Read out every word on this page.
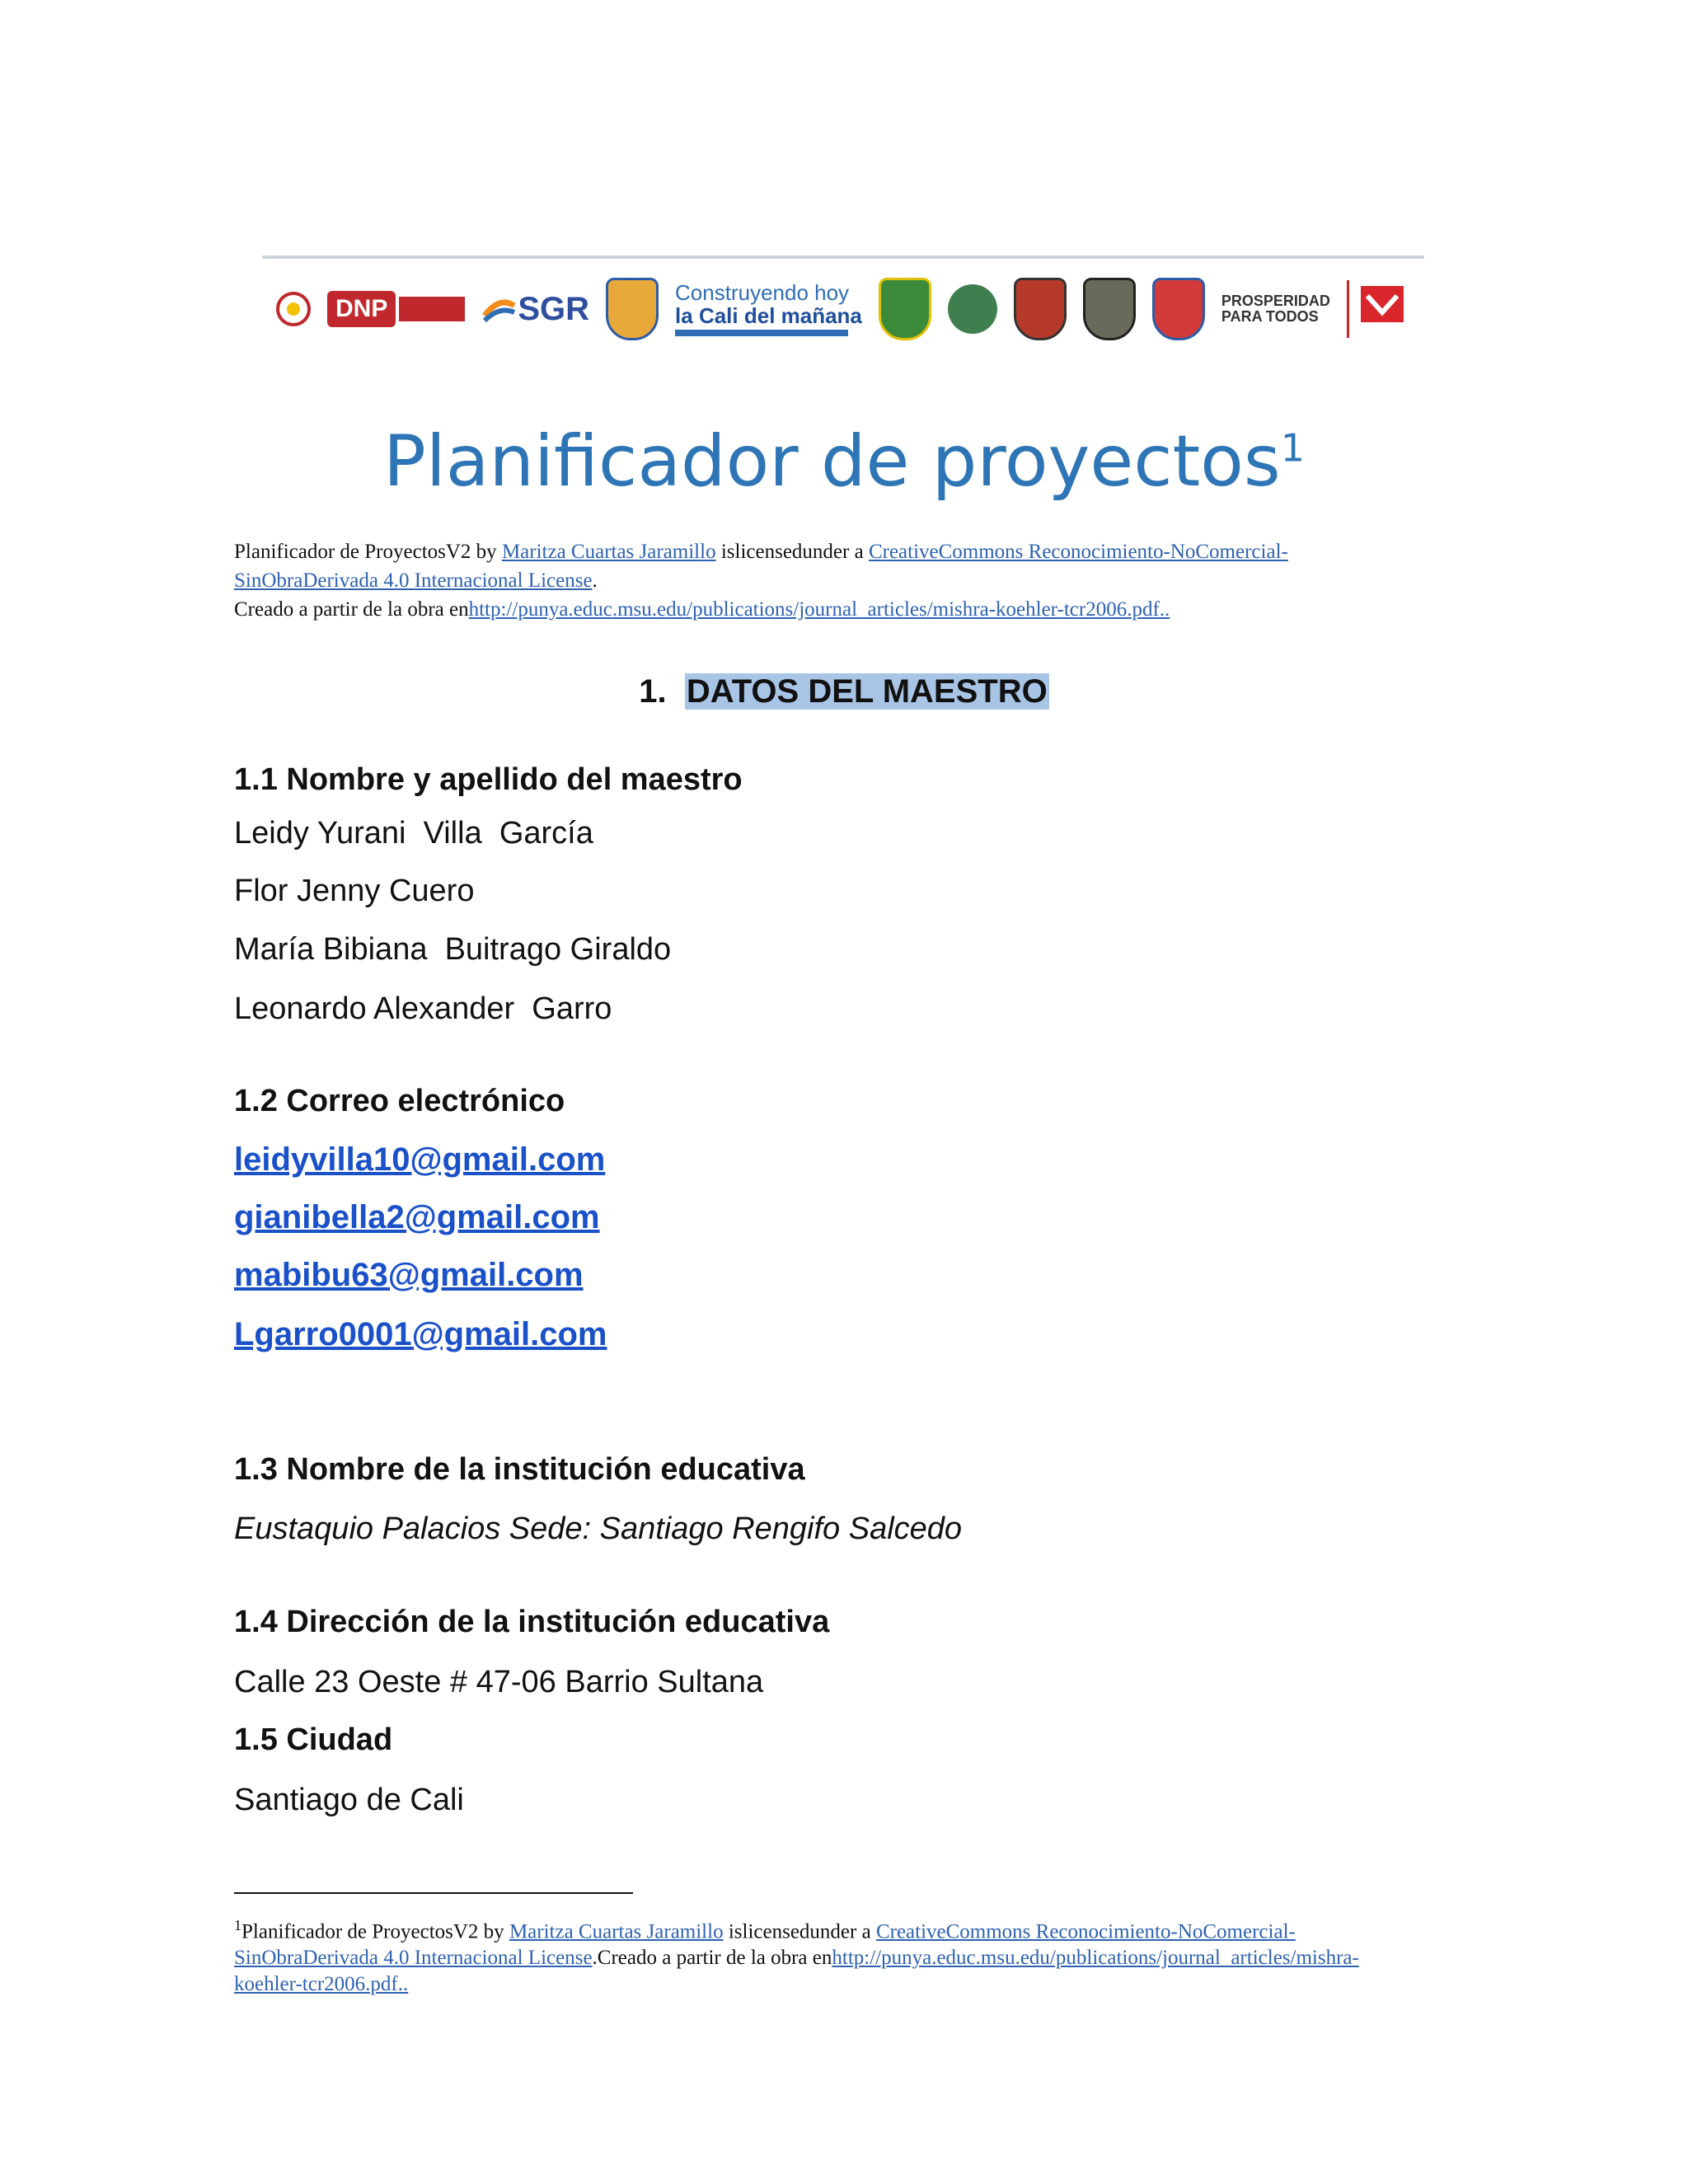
DNP	SGR	Construyendo hoy
la Cali del mañana
PROSPERIDAD
PARA TODOS
Planificador de proyectos$^1$
Planificador de ProyectosV2 by Maritza Cuartas Jaramillo islicensedunder a CreativeCommons Reconocimiento-NoComercial-
SinObraDerivada 4.0 Internacional License.
Creado a partir de la obra enhttp://punya.educ.msu.edu/publications/journal_articles/mishra-koehler-tcr2006.pdf..
1. DATOS DEL MAESTRO
1.1 Nombre y apellido del maestro
Leidy Yurani  Villa  García
Flor Jenny Cuero
María Bibiana  Buitrago Giraldo
Leonardo Alexander  Garro
1.2 Correo electrónico
leidyvilla10@gmail.com
gianibella2@gmail.com
mabibu63@gmail.com
Lgarro0001@gmail.com
1.3 Nombre de la institución educativa
Eustaquio Palacios Sede: Santiago Rengifo Salcedo
1.4 Dirección de la institución educativa
Calle 23 Oeste # 47-06 Barrio Sultana
1.5 Ciudad
Santiago de Cali
$^1$Planificador de ProyectosV2 by Maritza Cuartas Jaramillo islicensedunder a CreativeCommons Reconocimiento-NoComercial-
SinObraDerivada 4.0 Internacional License.Creado a partir de la obra enhttp://punya.educ.msu.edu/publications/journal_articles/mishra-
koehler-tcr2006.pdf..
